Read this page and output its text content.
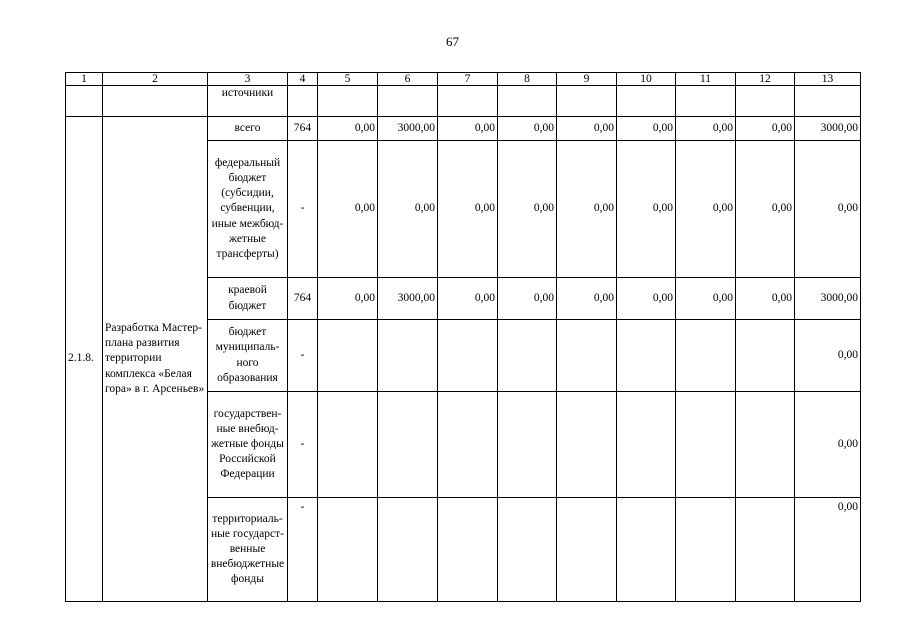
67
1	2	3	4	5	6	7	8	9	10	11	12	13
		источники										
2.1.8.	Разработка Мастер-плана развития территории комплекса «Белая гора» в г. Арсеньев»	всего	764	0,00	3000,00	0,00	0,00	0,00	0,00	0,00	0,00	3000,00
		федеральный бюджет (субсидии, субвенции, иные межбюд-жетные трансферты)	-	0,00	0,00	0,00	0,00	0,00	0,00	0,00	0,00	0,00
		краевой бюджет	764	0,00	3000,00	0,00	0,00	0,00	0,00	0,00	0,00	3000,00
		бюджет муниципаль-ного образования	-									0,00
		государствен-ные внебюд-жетные фонды Российской Федерации	-									0,00
		территориаль-ные государст-венные внебюджетные фонды	-									0,00
